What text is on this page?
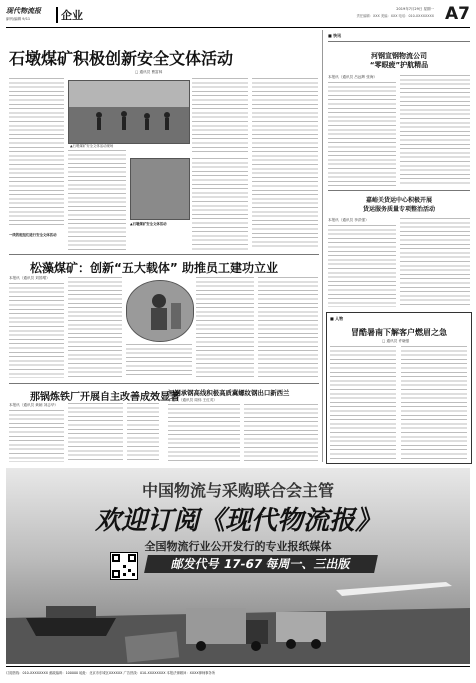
现代物流报
副刊/编辑 9/11	企业	2019年7月29日 星期一
责任编辑：XXX 美编：XXX 电话：010-XXXXXXXX A7
石墩煤矿积极创新安全文体活动
□ 通讯员 曹富林
▲石墩煤矿安全文体活动现场
▲石墩煤矿安全文体活动
一线的班组们进行安全文体活动
松藻煤矿：创新“五大载体” 助推员工建功立业
本报讯（通讯员 刘国增）
那锅炼铁厂开展自主改善成效显著
本报讯（通讯员 黄朝 刘志华）
河钢承钢高线积极高质冀螺纹钢出口新西兰
本报讯（通讯员 周伟 王红英）
■ 快讯
河钢宣钢物流公司
“零眼疲”护航精品
本报讯（通讯员 吕远辉 张海）
嘉峪关货运中心积极开展
货运服务质量专项整治活动
本报讯（通讯员 李洪强）
■ 人物
冒酷暑南下解客户燃眉之急
□ 通讯员 许晓强
中国物流与采购联合会主管
欢迎订阅《现代物流报》
全国物流行业公开发行的专业报纸媒体
邮发代号 17-67 每周一、三出版
订阅热线：010-XXXXXXXX 邮政编码：100000 地址：北京市东城区XXXXXX 广告热线：010-XXXXXXXX 本报法律顾问：XXXX律师事务所
